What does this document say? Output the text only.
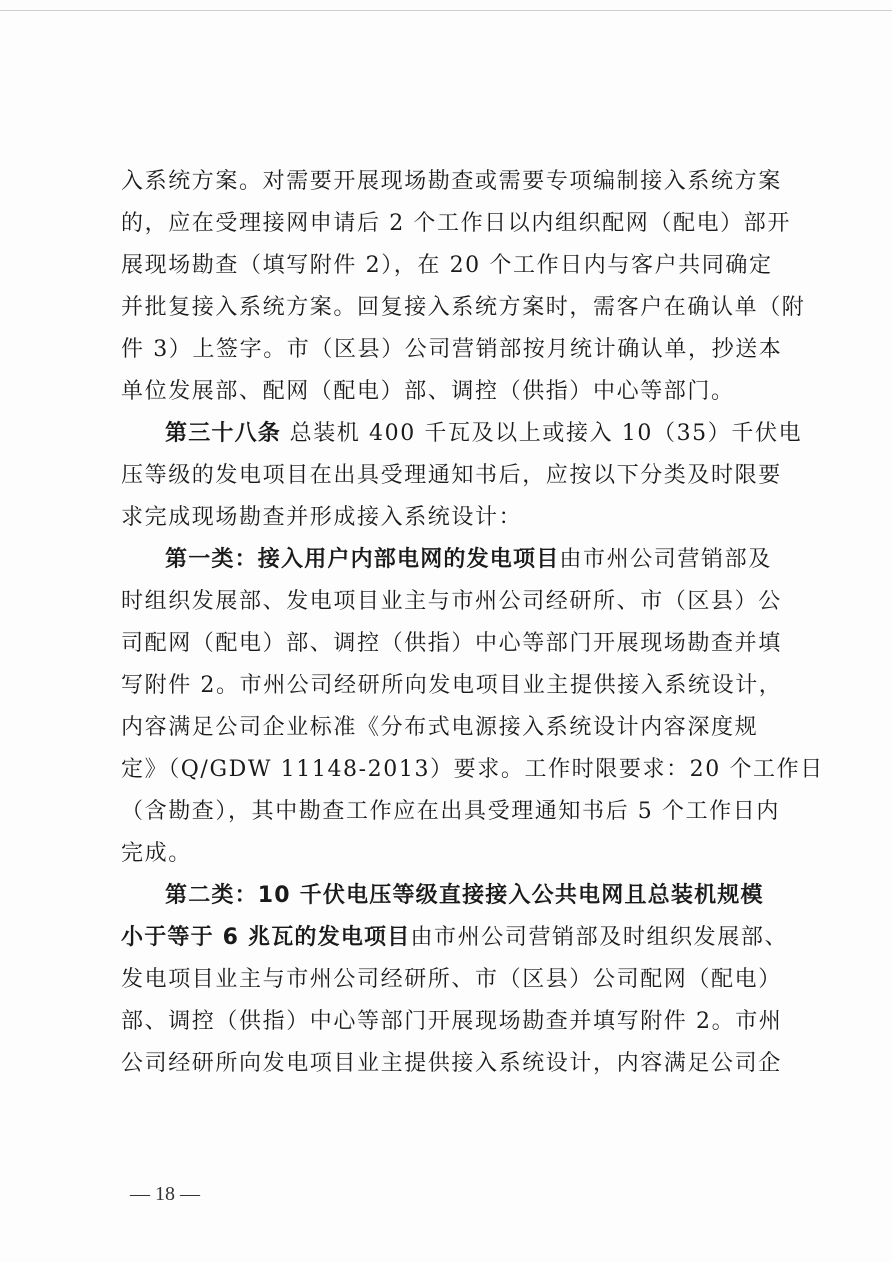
入系统方案。对需要开展现场勘查或需要专项编制接入系统方案
的，应在受理接网申请后 2 个工作日以内组织配网（配电）部开
展现场勘查（填写附件 2），在 20 个工作日内与客户共同确定
并批复接入系统方案。回复接入系统方案时，需客户在确认单（附
件 3）上签字。市（区县）公司营销部按月统计确认单，抄送本
单位发展部、配网（配电）部、调控（供指）中心等部门。
第三十八条 总装机 400 千瓦及以上或接入 10（35）千伏电
压等级的发电项目在出具受理通知书后，应按以下分类及时限要
求完成现场勘查并形成接入系统设计：
第一类：接入用户内部电网的发电项目由市州公司营销部及
时组织发展部、发电项目业主与市州公司经研所、市（区县）公
司配网（配电）部、调控（供指）中心等部门开展现场勘查并填
写附件 2。市州公司经研所向发电项目业主提供接入系统设计，
内容满足公司企业标准《分布式电源接入系统设计内容深度规
定》（Q/GDW 11148-2013）要求。工作时限要求：20 个工作日
（含勘查），其中勘查工作应在出具受理通知书后 5 个工作日内
完成。
第二类：10 千伏电压等级直接接入公共电网且总装机规模
小于等于 6 兆瓦的发电项目由市州公司营销部及时组织发展部、
发电项目业主与市州公司经研所、市（区县）公司配网（配电）
部、调控（供指）中心等部门开展现场勘查并填写附件 2。市州
公司经研所向发电项目业主提供接入系统设计，内容满足公司企
— 18 —
